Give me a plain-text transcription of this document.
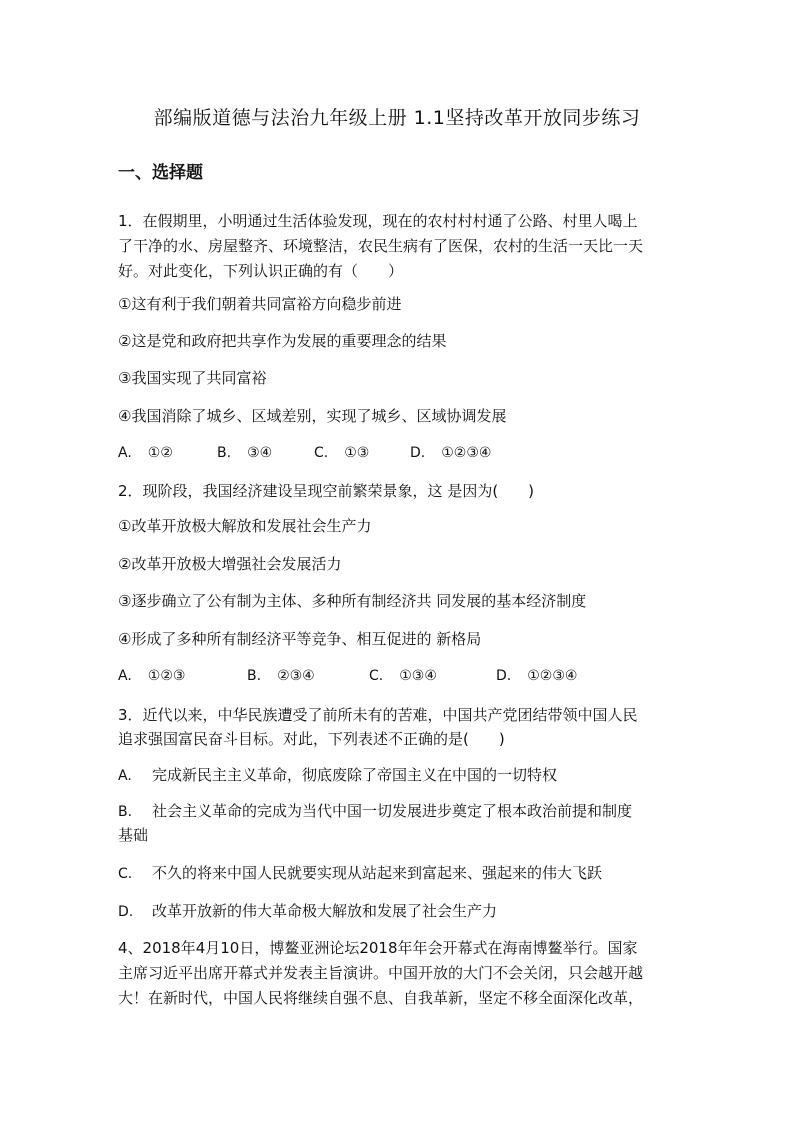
部编版道德与法治九年级上册 1.1坚持改革开放同步练习
一、选择题
1．在假期里，小明通过生活体验发现，现在的农村村村通了公路、村里人喝上
了干净的水、房屋整齐、环境整洁，农民生病有了医保，农村的生活一天比一天
好。对此变化，下列认识正确的有（　　）
①这有利于我们朝着共同富裕方向稳步前进
②这是党和政府把共享作为发展的重要理念的结果
③我国实现了共同富裕
④我国消除了城乡、区域差别，实现了城乡、区域协调发展
A. ①②	B. ③④	C. ①③	D. ①②③④
2．现阶段，我国经济建设呈现空前繁荣景象，这 是因为(　　)
①改革开放极大解放和发展社会生产力
②改革开放极大增强社会发展活力
③逐步确立了公有制为主体、多种所有制经济共 同发展的基本经济制度
④形成了多种所有制经济平等竞争、相互促进的 新格局
A. ①②③	B. ②③④	C. ①③④	D. ①②③④
3．近代以来，中华民族遭受了前所未有的苦难，中国共产党团结带领中国人民
追求强国富民奋斗目标。对此，下列表述不正确的是(　　)
A. 完成新民主主义革命，彻底废除了帝国主义在中国的一切特权
B. 社会主义革命的完成为当代中国一切发展进步奠定了根本政治前提和制度
基础
C. 不久的将来中国人民就要实现从站起来到富起来、强起来的伟大飞跃
D. 改革开放新的伟大革命极大解放和发展了社会生产力
4、2018年4月10日，博鳌亚洲论坛2018年年会开幕式在海南博鳌举行。国家
主席习近平出席开幕式并发表主旨演讲。中国开放的大门不会关闭，只会越开越
大！在新时代，中国人民将继续自强不息、自我革新，坚定不移全面深化改革，
